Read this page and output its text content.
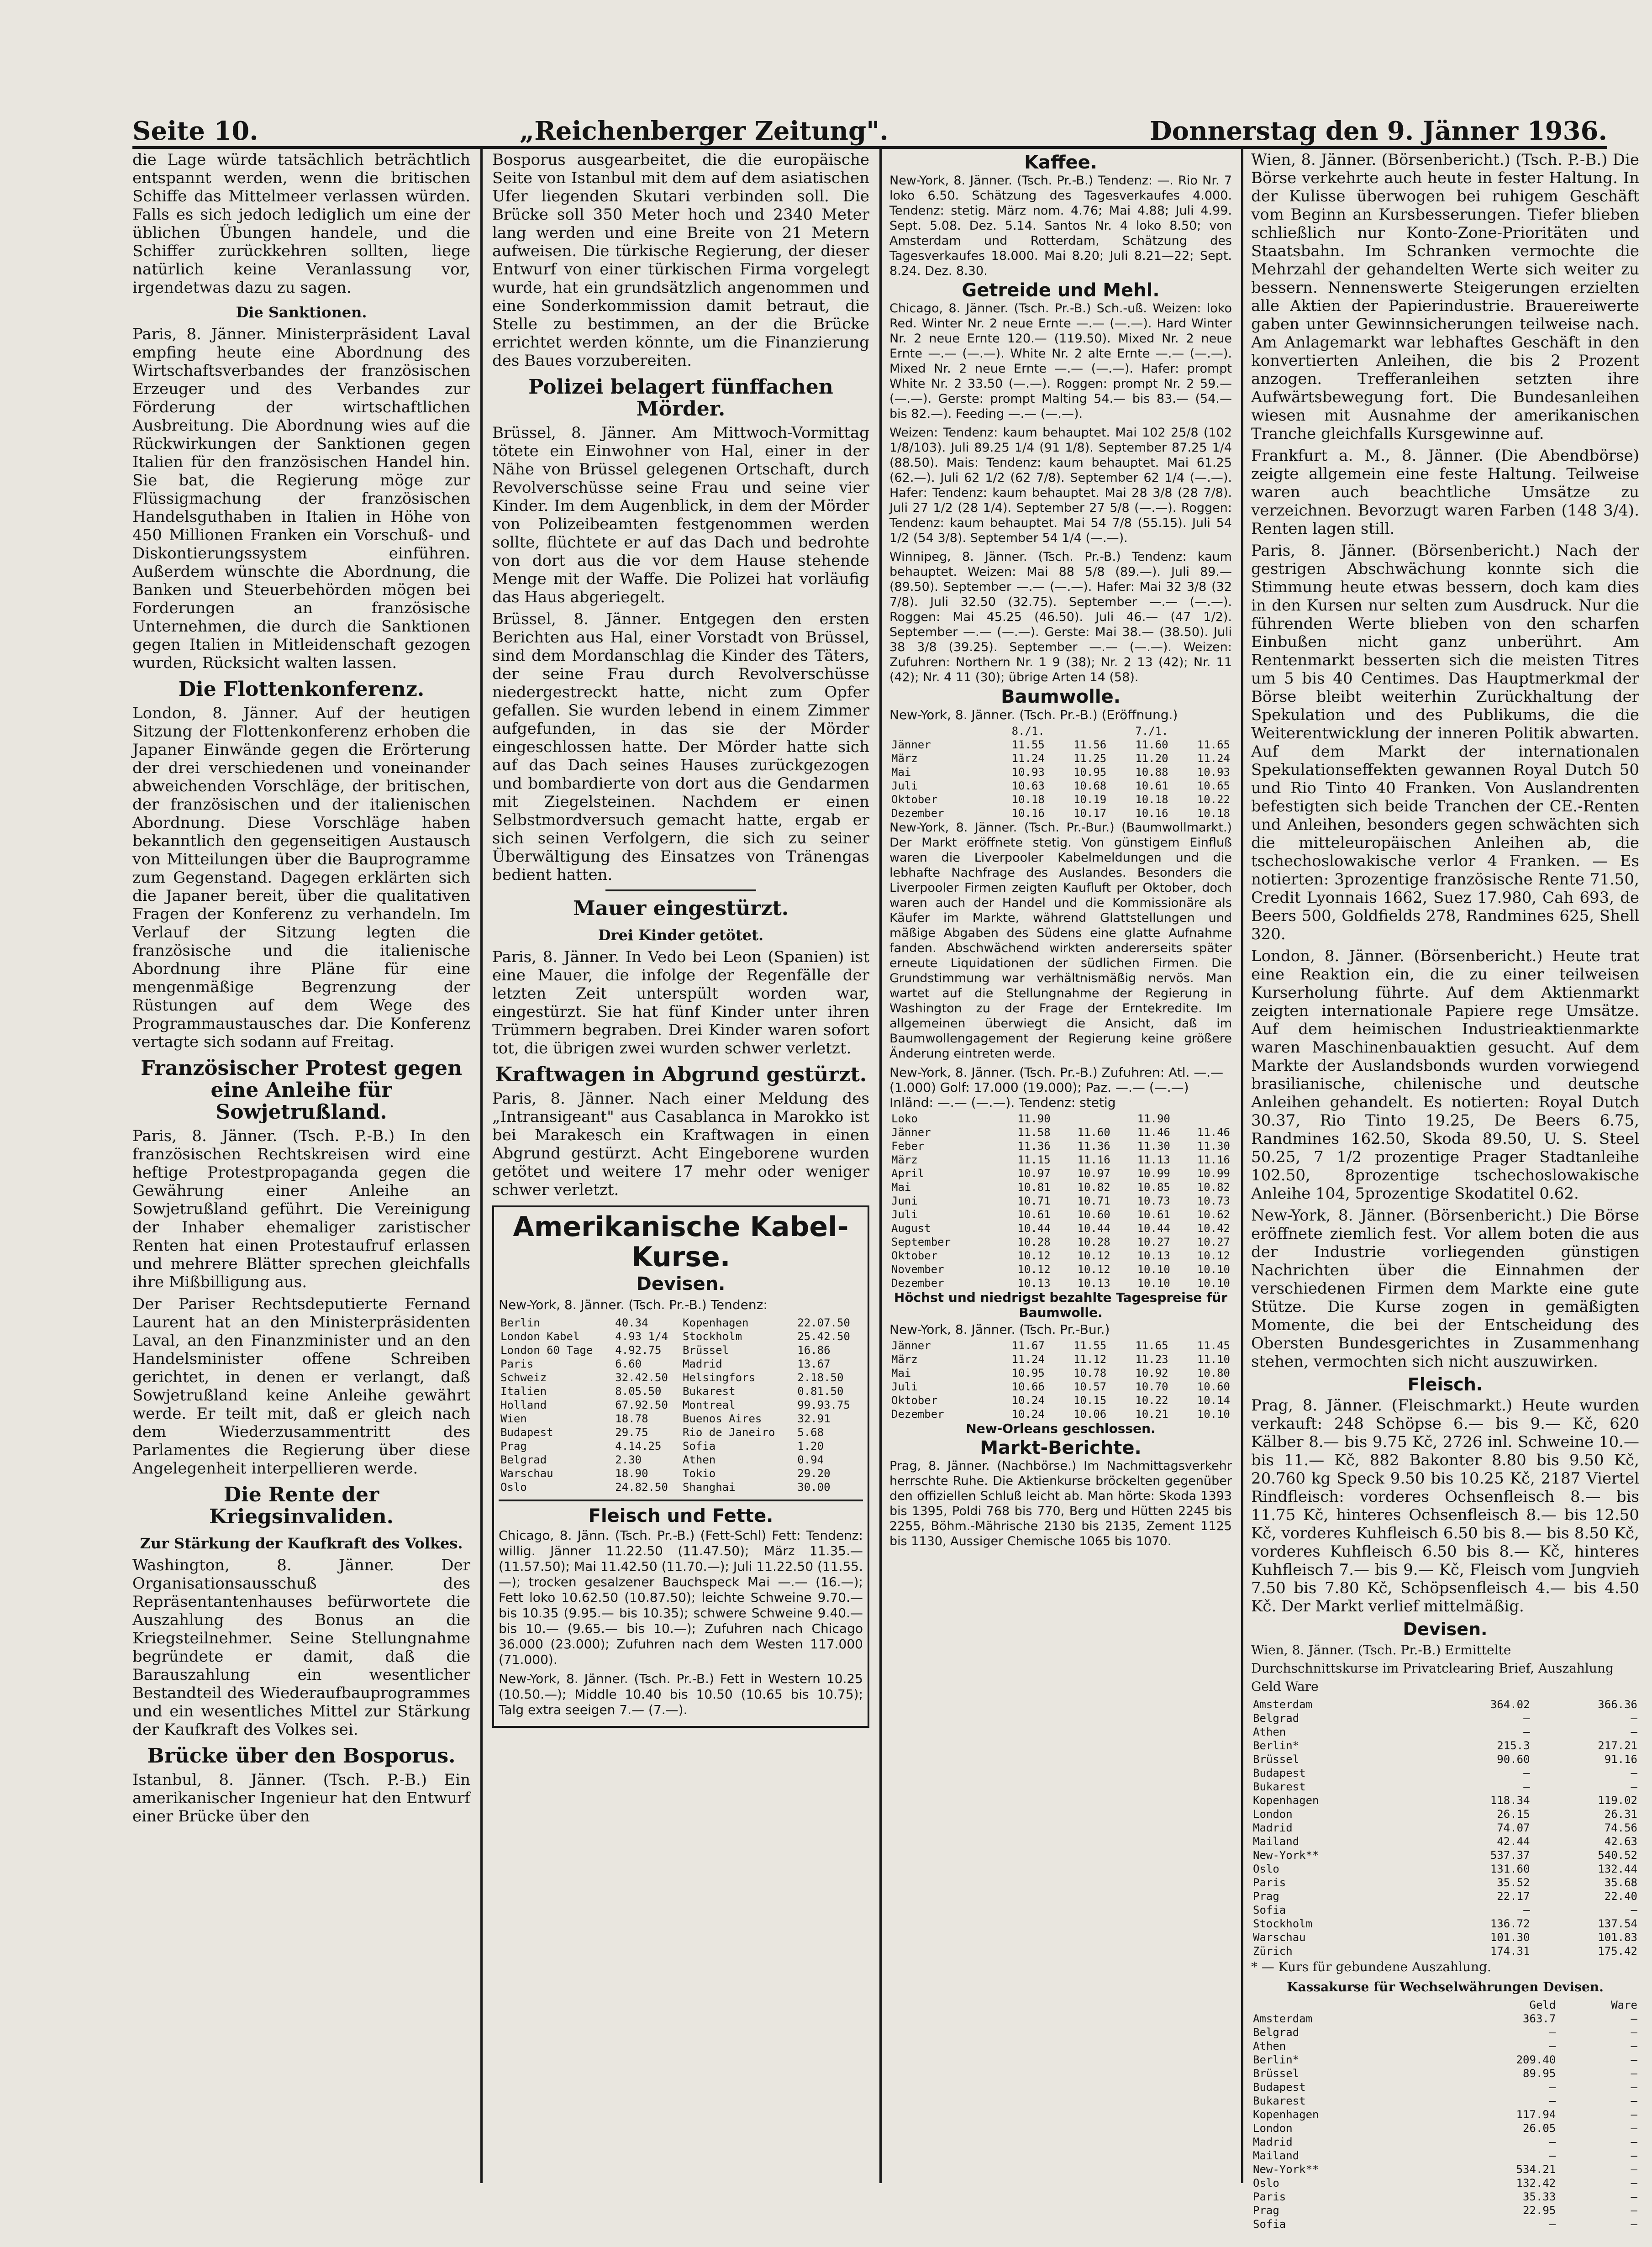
Seite 10.	„Reichenberger Zeitung".	Donnerstag den 9. Jänner 1936.

die Lage würde tatsächlich beträchtlich entspannt werden, wenn die britischen Schiffe das Mittelmeer verlassen würden. Falls es sich jedoch lediglich um eine der üblichen Übungen handele, und die Schiffer zurückkehren sollten, liege natürlich keine Veranlassung vor, irgendetwas dazu zu sagen.

Die Sanktionen.

Paris, 8. Jänner. Ministerpräsident Laval empfing heute eine Abordnung des Wirtschaftsverbandes der französischen Erzeuger und des Verbandes zur Förderung der wirtschaftlichen Ausbreitung. Die Abordnung wies auf die Rückwirkungen der Sanktionen gegen Italien für den französischen Handel hin. Sie bat, die Regierung möge zur Flüssigmachung der französischen Handelsguthaben in Italien in Höhe von 450 Millionen Franken ein Vorschuß- und Diskontierungssystem einführen. Außerdem wünschte die Abordnung, die Banken und Steuerbehörden mögen bei Forderungen an französische Unternehmen, die durch die Sanktionen gegen Italien in Mitleidenschaft gezogen wurden, Rücksicht walten lassen.

Die Flottenkonferenz.

London, 8. Jänner. Auf der heutigen Sitzung der Flottenkonferenz erhoben die Japaner Einwände gegen die Erörterung der drei verschiedenen und voneinander abweichenden Vorschläge, der britischen, der französischen und der italienischen Abordnung. Diese Vorschläge haben bekanntlich den gegenseitigen Austausch von Mitteilungen über die Bauprogramme zum Gegenstand. Dagegen erklärten sich die Japaner bereit, über die qualitativen Fragen der Konferenz zu verhandeln. Im Verlauf der Sitzung legten die französische und die italienische Abordnung ihre Pläne für eine mengenmäßige Begrenzung der Rüstungen auf dem Wege des Programmaustausches dar. Die Konferenz vertagte sich sodann auf Freitag.

Französischer Protest gegen eine Anleihe für Sowjetrußland.

Paris, 8. Jänner. (Tsch. P.-B.) In den französischen Rechtskreisen wird eine heftige Protestpropaganda gegen die Gewährung einer Anleihe an Sowjetrußland geführt. Die Vereinigung der Inhaber ehemaliger zaristischer Renten hat einen Protestaufruf erlassen und mehrere Blätter sprechen gleichfalls ihre Mißbilligung aus.

Der Pariser Rechtsdeputierte Fernand Laurent hat an den Ministerpräsidenten Laval, an den Finanzminister und an den Handelsminister offene Schreiben gerichtet, in denen er verlangt, daß Sowjetrußland keine Anleihe gewährt werde. Er teilt mit, daß er gleich nach dem Wiederzusammentritt des Parlamentes die Regierung über diese Angelegenheit interpellieren werde.

Die Rente der Kriegsinvaliden.
Zur Stärkung der Kaufkraft des Volkes.

Washington, 8. Jänner. Der Organisationsausschuß des Repräsentantenhauses befürwortete die Auszahlung des Bonus an die Kriegsteilnehmer. Seine Stellungnahme begründete er damit, daß die Barauszahlung ein wesentlicher Bestandteil des Wiederaufbauprogrammes und ein wesentliches Mittel zur Stärkung der Kaufkraft des Volkes sei.

Brücke über den Bosporus.

Istanbul, 8. Jänner. (Tsch. P.-B.) Ein amerikanischer Ingenieur hat den Entwurf einer Brücke über den

Bosporus ausgearbeitet, die die europäische Seite von Istanbul mit dem auf dem asiatischen Ufer liegenden Skutari verbinden soll. Die Brücke soll 350 Meter hoch und 2340 Meter lang werden und eine Breite von 21 Metern aufweisen. Die türkische Regierung, der dieser Entwurf von einer türkischen Firma vorgelegt wurde, hat ein grundsätzlich angenommen und eine Sonderkommission damit betraut, die Stelle zu bestimmen, an der die Brücke errichtet werden könnte, um die Finanzierung des Baues vorzubereiten.

Polizei belagert fünffachen Mörder.

Brüssel, 8. Jänner. Am Mittwoch-Vormittag tötete ein Einwohner von Hal, einer in der Nähe von Brüssel gelegenen Ortschaft, durch Revolverschüsse seine Frau und seine vier Kinder. Im dem Augenblick, in dem der Mörder von Polizeibeamten festgenommen werden sollte, flüchtete er auf das Dach und bedrohte von dort aus die vor dem Hause stehende Menge mit der Waffe. Die Polizei hat vorläufig das Haus abgeriegelt.

Brüssel, 8. Jänner. Entgegen den ersten Berichten aus Hal, einer Vorstadt von Brüssel, sind dem Mordanschlag die Kinder des Täters, der seine Frau durch Revolverschüsse niedergestreckt hatte, nicht zum Opfer gefallen. Sie wurden lebend in einem Zimmer aufgefunden, in das sie der Mörder eingeschlossen hatte. Der Mörder hatte sich auf das Dach seines Hauses zurückgezogen und bombardierte von dort aus die Gendarmen mit Ziegelsteinen. Nachdem er einen Selbstmordversuch gemacht hatte, ergab er sich seinen Verfolgern, die sich zu seiner Überwältigung des Einsatzes von Tränengas bedient hatten.

Mauer eingestürzt.
Drei Kinder getötet.

Paris, 8. Jänner. In Vedo bei Leon (Spanien) ist eine Mauer, die infolge der Regenfälle der letzten Zeit unterspült worden war, eingestürzt. Sie hat fünf Kinder unter ihren Trümmern begraben. Drei Kinder waren sofort tot, die übrigen zwei wurden schwer verletzt.

Kraftwagen in Abgrund gestürzt.

Paris, 8. Jänner. Nach einer Meldung des „Intransigeant" aus Casablanca in Marokko ist bei Marakesch ein Kraftwagen in einen Abgrund gestürzt. Acht Eingeborene wurden getötet und weitere 17 mehr oder weniger schwer verletzt.

Amerikanische Kabel-Kurse.
Devisen.
New-York, 8. Jänner. (Tsch. Pr.-B.) Tendenz:
Berlin	40.34	Kopenhagen	22.07.50
London Kabel	4.93 1/4	Stockholm	25.42.50
London 60 Tage	4.92.75	Brüssel	16.86
Paris	6.60	Madrid	13.67
Schweiz	32.42.50	Helsingfors	2.18.50
Italien	8.05.50	Bukarest	0.81.50
Holland	67.92.50	Montreal	99.93.75
Wien	18.78	Buenos Aires	32.91
Budapest	29.75	Rio de Janeiro	5.68
Prag	4.14.25	Sofia	1.20
Belgrad	2.30	Athen	0.94
Warschau	18.90	Tokio	29.20
Oslo	24.82.50	Shanghai	30.00
Fleisch und Fette.

Chicago, 8. Jänn. (Tsch. Pr.-B.) (Fett-Schl) Fett: Tendenz: willig. Jänner 11.22.50 (11.47.50); März 11.35.— (11.57.50); Mai 11.42.50 (11.70.—); Juli 11.22.50 (11.55.—); trocken gesalzener Bauchspeck Mai —.— (16.—); Fett loko 10.62.50 (10.87.50); leichte Schweine 9.70.— bis 10.35 (9.95.— bis 10.35); schwere Schweine 9.40.— bis 10.— (9.65.— bis 10.—); Zufuhren nach Chicago 36.000 (23.000); Zufuhren nach dem Westen 117.000 (71.000).

New-York, 8. Jänner. (Tsch. Pr.-B.) Fett in Western 10.25 (10.50.—); Middle 10.40 bis 10.50 (10.65 bis 10.75); Talg extra seeigen 7.— (7.—).

Kaffee.

New-York, 8. Jänner. (Tsch. Pr.-B.) Tendenz: —. Rio Nr. 7 loko 6.50. Schätzung des Tagesverkaufes 4.000. Tendenz: stetig. März nom. 4.76; Mai 4.88; Juli 4.99. Sept. 5.08. Dez. 5.14. Santos Nr. 4 loko 8.50; von Amsterdam und Rotterdam, Schätzung des Tagesverkaufes 18.000. Mai 8.20; Juli 8.21—22; Sept. 8.24. Dez. 8.30.

Getreide und Mehl.

Chicago, 8. Jänner. (Tsch. Pr.-B.) Sch.-uß. Weizen: loko Red. Winter Nr. 2 neue Ernte —.— (—.—). Hard Winter Nr. 2 neue Ernte 120.— (119.50). Mixed Nr. 2 neue Ernte —.— (—.—). White Nr. 2 alte Ernte —.— (—.—). Mixed Nr. 2 neue Ernte —.— (—.—). Hafer: prompt White Nr. 2 33.50 (—.—). Roggen: prompt Nr. 2 59.— (—.—). Gerste: prompt Malting 54.— bis 83.— (54.— bis 82.—). Feeding —.— (—.—).

Weizen: Tendenz: kaum behauptet. Mai 102 25/8 (102 1/8/103). Juli 89.25 1/4 (91 1/8). September 87.25 1/4 (88.50). Mais: Tendenz: kaum behauptet. Mai 61.25 (62.—). Juli 62 1/2 (62 7/8). September 62 1/4 (—.—). Hafer: Tendenz: kaum behauptet. Mai 28 3/8 (28 7/8). Juli 27 1/2 (28 1/4). September 27 5/8 (—.—). Roggen: Tendenz: kaum behauptet. Mai 54 7/8 (55.15). Juli 54 1/2 (54 3/8). September 54 1/4 (—.—).

Winnipeg, 8. Jänner. (Tsch. Pr.-B.) Tendenz: kaum behauptet. Weizen: Mai 88 5/8 (89.—). Juli 89.— (89.50). September —.— (—.—). Hafer: Mai 32 3/8 (32 7/8). Juli 32.50 (32.75). September —.— (—.—). Roggen: Mai 45.25 (46.50). Juli 46.— (47 1/2). September —.— (—.—). Gerste: Mai 38.— (38.50). Juli 38 3/8 (39.25). September —.— (—.—). Weizen: Zufuhren: Northern Nr. 1 9 (38); Nr. 2 13 (42); Nr. 11 (42); Nr. 4 11 (30); übrige Arten 14 (58).

Baumwolle.
New-York, 8. Jänner. (Tsch. Pr.-B.) (Eröffnung.)
	8./1.		7./1.	
Jänner	11.55	11.56	11.60	11.65
März	11.24	11.25	11.20	11.24
Mai	10.93	10.95	10.88	10.93
Juli	10.63	10.68	10.61	10.65
Oktober	10.18	10.19	10.18	10.22
Dezember	10.16	10.17	10.16	10.18

New-York, 8. Jänner. (Tsch. Pr.-Bur.) (Baumwollmarkt.) Der Markt eröffnete stetig. Von günstigem Einfluß waren die Liverpooler Kabelmeldungen und die lebhafte Nachfrage des Auslandes. Besonders die Liverpooler Firmen zeigten Kaufluft per Oktober, doch waren auch der Handel und die Kommissionäre als Käufer im Markte, während Glattstellungen und mäßige Abgaben des Südens eine glatte Aufnahme fanden. Abschwächend wirkten andererseits später erneute Liquidationen der südlichen Firmen. Die Grundstimmung war verhältnismäßig nervös. Man wartet auf die Stellungnahme der Regierung in Washington zu der Frage der Erntekredite. Im allgemeinen überwiegt die Ansicht, daß im Baumwollengagement der Regierung keine größere Änderung eintreten werde.

New-York, 8. Jänner. (Tsch. Pr.-B.) Zufuhren: Atl. —.— (1.000) Golf: 17.000 (19.000); Paz. —.— (—.—) Inländ: —.— (—.—). Tendenz: stetig
Loko	11.90		11.90	
Jänner	11.58	11.60	11.46	11.46
Feber	11.36	11.36	11.30	11.30
März	11.15	11.16	11.13	11.16
April	10.97	10.97	10.99	10.99
Mai	10.81	10.82	10.85	10.82
Juni	10.71	10.71	10.73	10.73
Juli	10.61	10.60	10.61	10.62
August	10.44	10.44	10.44	10.42
September	10.28	10.28	10.27	10.27
Oktober	10.12	10.12	10.13	10.12
November	10.12	10.12	10.10	10.10
Dezember	10.13	10.13	10.10	10.10
Höchst und niedrigst bezahlte Tagespreise für Baumwolle.
New-York, 8. Jänner. (Tsch. Pr.-Bur.)
Jänner	11.67	11.55	11.65	11.45
März	11.24	11.12	11.23	11.10
Mai	10.95	10.78	10.92	10.80
Juli	10.66	10.57	10.70	10.60
Oktober	10.24	10.15	10.22	10.14
Dezember	10.24	10.06	10.21	10.10
New-Orleans geschlossen.
Markt-Berichte.

Prag, 8. Jänner. (Nachbörse.) Im Nachmittagsverkehr herrschte Ruhe. Die Aktienkurse bröckelten gegenüber den offiziellen Schluß leicht ab. Man hörte: Skoda 1393 bis 1395, Poldi 768 bis 770, Berg und Hütten 2245 bis 2255, Böhm.-Mährische 2130 bis 2135, Zement 1125 bis 1130, Aussiger Chemische 1065 bis 1070.

Wien, 8. Jänner. (Börsenbericht.) (Tsch. P.-B.) Die Börse verkehrte auch heute in fester Haltung. In der Kulisse überwogen bei ruhigem Geschäft vom Beginn an Kursbesserungen. Tiefer blieben schließlich nur Konto-Zone-Prioritäten und Staatsbahn. Im Schranken vermochte die Mehrzahl der gehandelten Werte sich weiter zu bessern. Nennenswerte Steigerungen erzielten alle Aktien der Papierindustrie. Brauereiwerte gaben unter Gewinnsicherungen teilweise nach. Am Anlagemarkt war lebhaftes Geschäft in den konvertierten Anleihen, die bis 2 Prozent anzogen. Trefferanleihen setzten ihre Aufwärtsbewegung fort. Die Bundesanleihen wiesen mit Ausnahme der amerikanischen Tranche gleichfalls Kursgewinne auf.

Frankfurt a. M., 8. Jänner. (Die Abendbörse) zeigte allgemein eine feste Haltung. Teilweise waren auch beachtliche Umsätze zu verzeichnen. Bevorzugt waren Farben (148 3/4). Renten lagen still.

Paris, 8. Jänner. (Börsenbericht.) Nach der gestrigen Abschwächung konnte sich die Stimmung heute etwas bessern, doch kam dies in den Kursen nur selten zum Ausdruck. Nur die führenden Werte blieben von den scharfen Einbußen nicht ganz unberührt. Am Rentenmarkt besserten sich die meisten Titres um 5 bis 40 Centimes. Das Hauptmerkmal der Börse bleibt weiterhin Zurückhaltung der Spekulation und des Publikums, die die Weiterentwicklung der inneren Politik abwarten. Auf dem Markt der internationalen Spekulationseffekten gewannen Royal Dutch 50 und Rio Tinto 40 Franken. Von Auslandrenten befestigten sich beide Tranchen der CE.-Renten und Anleihen, besonders gegen schwächten sich die mitteleuropäischen Anleihen ab, die tschechoslowakische verlor 4 Franken. — Es notierten: 3prozentige französische Rente 71.50, Credit Lyonnais 1662, Suez 17.980, Cah 693, de Beers 500, Goldfields 278, Randmines 625, Shell 320.

London, 8. Jänner. (Börsenbericht.) Heute trat eine Reaktion ein, die zu einer teilweisen Kurserholung führte. Auf dem Aktienmarkt zeigten internationale Papiere rege Umsätze. Auf dem heimischen Industrieaktienmarkte waren Maschinenbauaktien gesucht. Auf dem Markte der Auslandsbonds wurden vorwiegend brasilianische, chilenische und deutsche Anleihen gehandelt. Es notierten: Royal Dutch 30.37, Rio Tinto 19.25, De Beers 6.75, Randmines 162.50, Skoda 89.50, U. S. Steel 50.25, 7 1/2 prozentige Prager Stadtanleihe 102.50, 8prozentige tschechoslowakische Anleihe 104, 5prozentige Skodatitel 0.62.

New-York, 8. Jänner. (Börsenbericht.) Die Börse eröffnete ziemlich fest. Vor allem boten die aus der Industrie vorliegenden günstigen Nachrichten über die Einnahmen der verschiedenen Firmen dem Markte eine gute Stütze. Die Kurse zogen in gemäßigten Momente, die bei der Entscheidung des Obersten Bundesgerichtes in Zusammenhang stehen, vermochten sich nicht auszuwirken.

Fleisch.

Prag, 8. Jänner. (Fleischmarkt.) Heute wurden verkauft: 248 Schöpse 6.— bis 9.— Kč, 620 Kälber 8.— bis 9.75 Kč, 2726 inl. Schweine 10.— bis 11.— Kč, 882 Bakonter 8.80 bis 9.50 Kč, 20.760 kg Speck 9.50 bis 10.25 Kč, 2187 Viertel Rindfleisch: vorderes Ochsenfleisch 8.— bis 11.75 Kč, hinteres Ochsenfleisch 8.— bis 12.50 Kč, vorderes Kuhfleisch 6.50 bis 8.— bis 8.50 Kč, vorderes Kuhfleisch 6.50 bis 8.— Kč, hinteres Kuhfleisch 7.— bis 9.— Kč, Fleisch vom Jungvieh 7.50 bis 7.80 Kč, Schöpsenfleisch 4.— bis 4.50 Kč. Der Markt verlief mittelmäßig.

Devisen.
Wien, 8. Jänner. (Tsch. Pr.-B.) Ermittelte Durchschnittskurse im Privatclearing Brief, Auszahlung Geld Ware
Amsterdam	364.02	366.36
Belgrad	—	—
Athen	—	—
Berlin*	215.3	217.21
Brüssel	90.60	91.16
Budapest	—	—
Bukarest	—	—
Kopenhagen	118.34	119.02
London	26.15	26.31
Madrid	74.07	74.56
Mailand	42.44	42.63
New-York**	537.37	540.52
Oslo	131.60	132.44
Paris	35.52	35.68
Prag	22.17	22.40
Sofia	—	—
Stockholm	136.72	137.54
Warschau	101.30	101.83
Zürich	174.31	175.42
* — Kurs für gebundene Auszahlung.
Kassakurse für Wechselwährungen Devisen.
	Geld	Ware
Amsterdam	363.7	—
Belgrad	—	—
Athen	—	—
Berlin*	209.40	—
Brüssel	89.95	—
Budapest	—	—
Bukarest	—	—
Kopenhagen	117.94	—
London	26.05	—
Madrid	—	—
Mailand	—	—
New-York**	534.21	—
Oslo	132.42	—
Paris	35.33	—
Prag	22.95	—
Sofia	—	—
